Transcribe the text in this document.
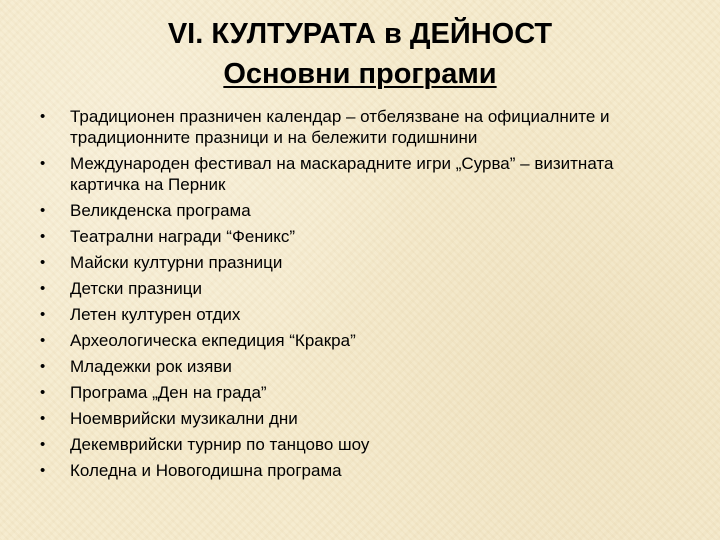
VI. КУЛТУРАТА в ДЕЙНОСТ
Основни програми
• Традиционен празничен календар – отбелязване на официалните и традиционните празници и на бележити годишнини
• Международен фестивал на маскарадните игри „Сурва” – визитната картичка на Перник
• Великденска програма
• Театрални награди “Феникс”
• Майски културни празници
• Детски празници
• Летен културен отдих
• Археологическа екпедиция “Кракра”
• Младежки рок изяви
• Програма „Ден на града”
• Ноемврийски музикални дни
• Декемврийски турнир по танцово шоу
• Коледна и Новогодишна програма
